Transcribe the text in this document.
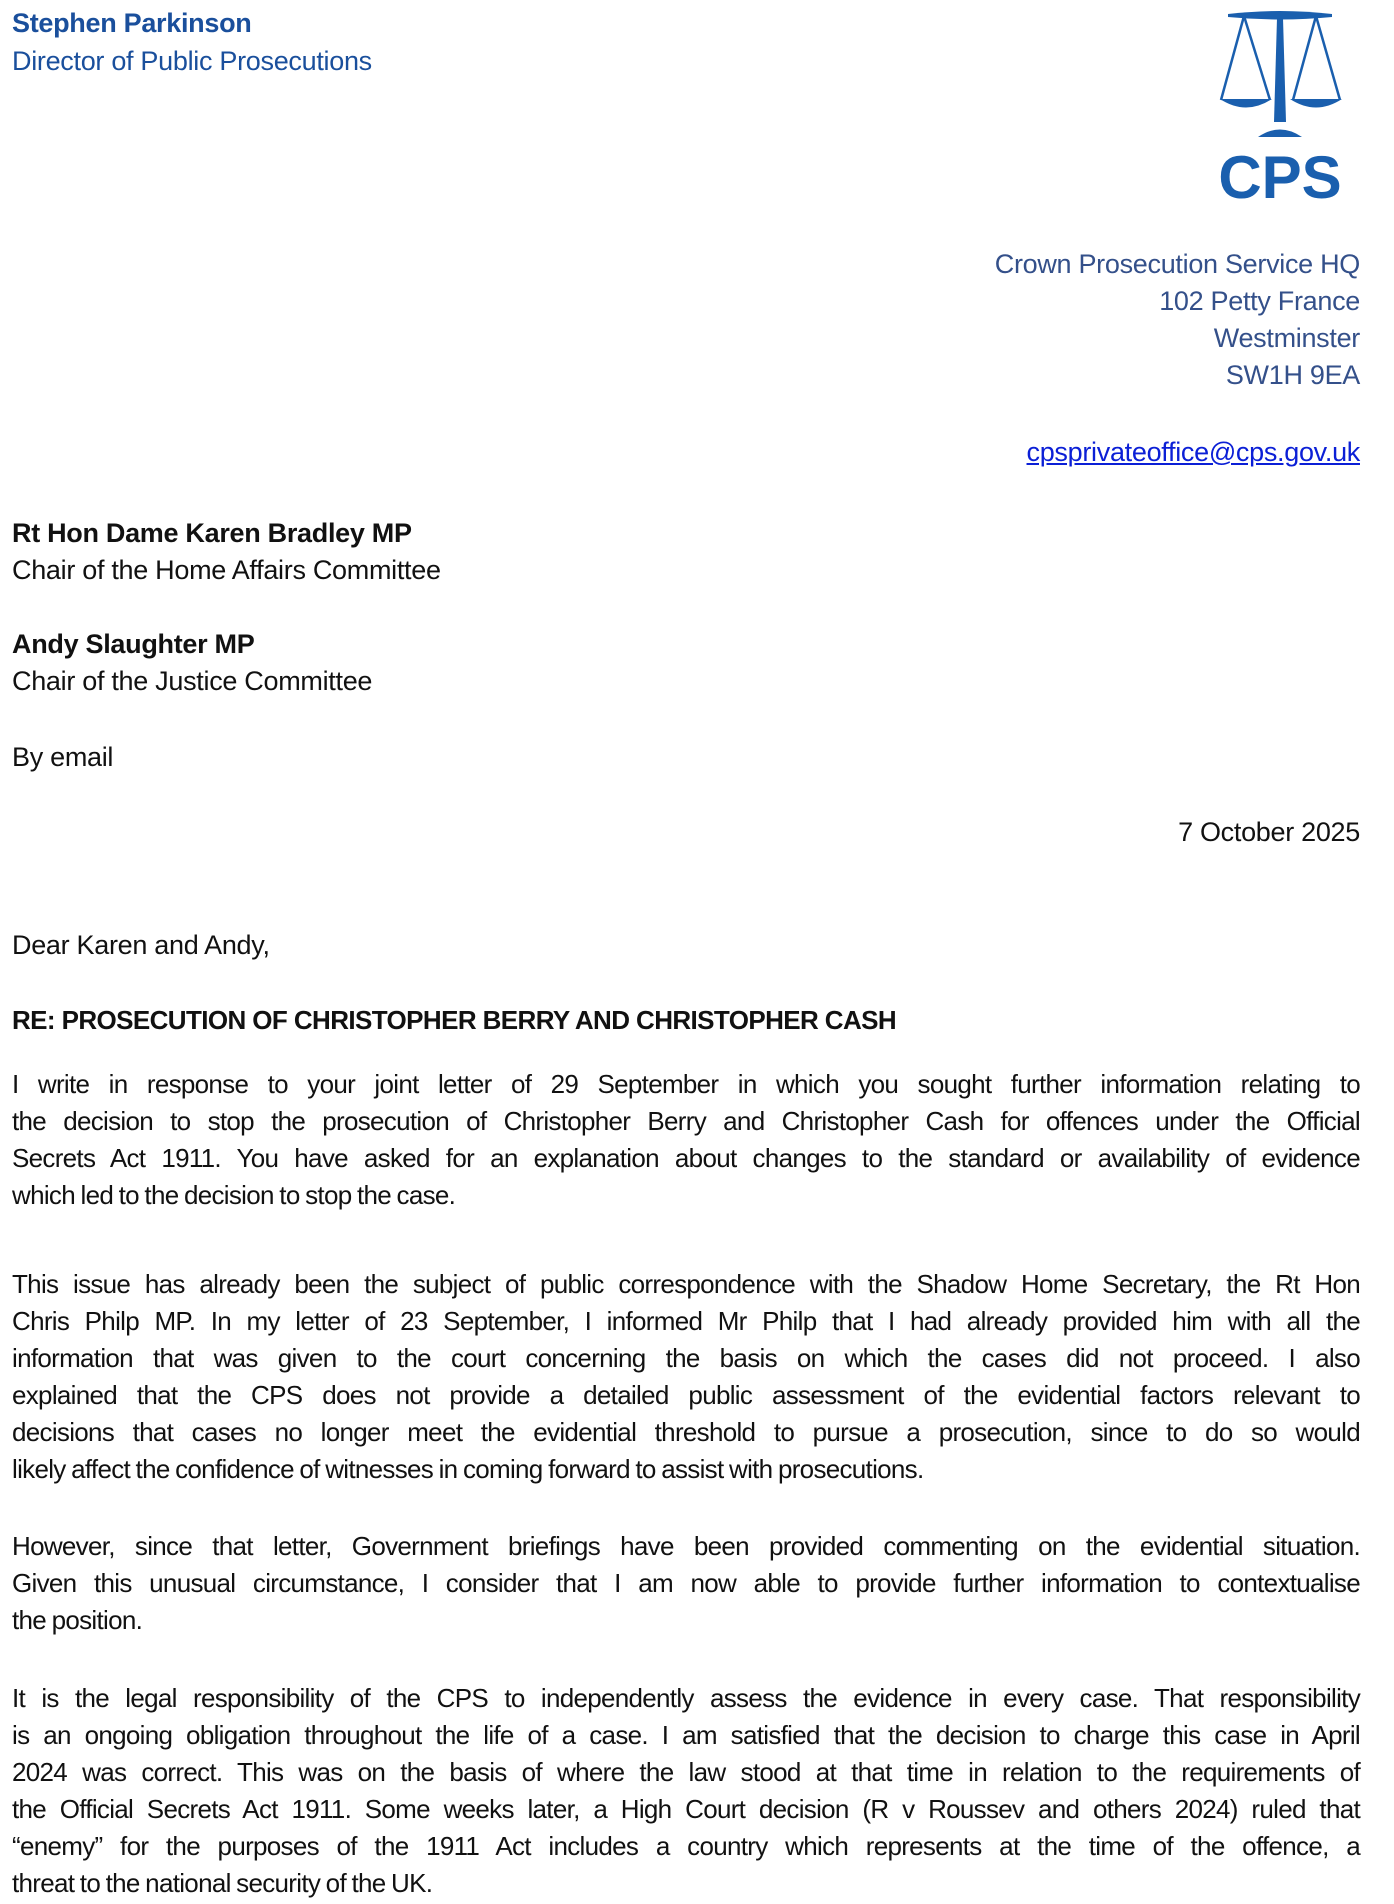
Stephen Parkinson
Director of Public Prosecutions
CPS
Crown Prosecution Service HQ
102 Petty France
Westminster
SW1H 9EA
cpsprivateoffice@cps.gov.uk
Rt Hon Dame Karen Bradley MP
Chair of the Home Affairs Committee
Andy Slaughter MP
Chair of the Justice Committee
By email
7 October 2025
Dear Karen and Andy,
RE: PROSECUTION OF CHRISTOPHER BERRY AND CHRISTOPHER CASH
I write in response to your joint letter of 29 September in which you sought further information relating to
the decision to stop the prosecution of Christopher Berry and Christopher Cash for offences under the Official
Secrets Act 1911. You have asked for an explanation about changes to the standard or availability of evidence
which led to the decision to stop the case.
This issue has already been the subject of public correspondence with the Shadow Home Secretary, the Rt Hon
Chris Philp MP. In my letter of 23 September, I informed Mr Philp that I had already provided him with all the
information that was given to the court concerning the basis on which the cases did not proceed. I also
explained that the CPS does not provide a detailed public assessment of the evidential factors relevant to
decisions that cases no longer meet the evidential threshold to pursue a prosecution, since to do so would
likely affect the confidence of witnesses in coming forward to assist with prosecutions.
However, since that letter, Government briefings have been provided commenting on the evidential situation.
Given this unusual circumstance, I consider that I am now able to provide further information to contextualise
the position.
It is the legal responsibility of the CPS to independently assess the evidence in every case. That responsibility
is an ongoing obligation throughout the life of a case. I am satisfied that the decision to charge this case in April
2024 was correct. This was on the basis of where the law stood at that time in relation to the requirements of
the Official Secrets Act 1911. Some weeks later, a High Court decision (R v Roussev and others 2024) ruled that
“enemy” for the purposes of the 1911 Act includes a country which represents at the time of the offence, a
threat to the national security of the UK.
